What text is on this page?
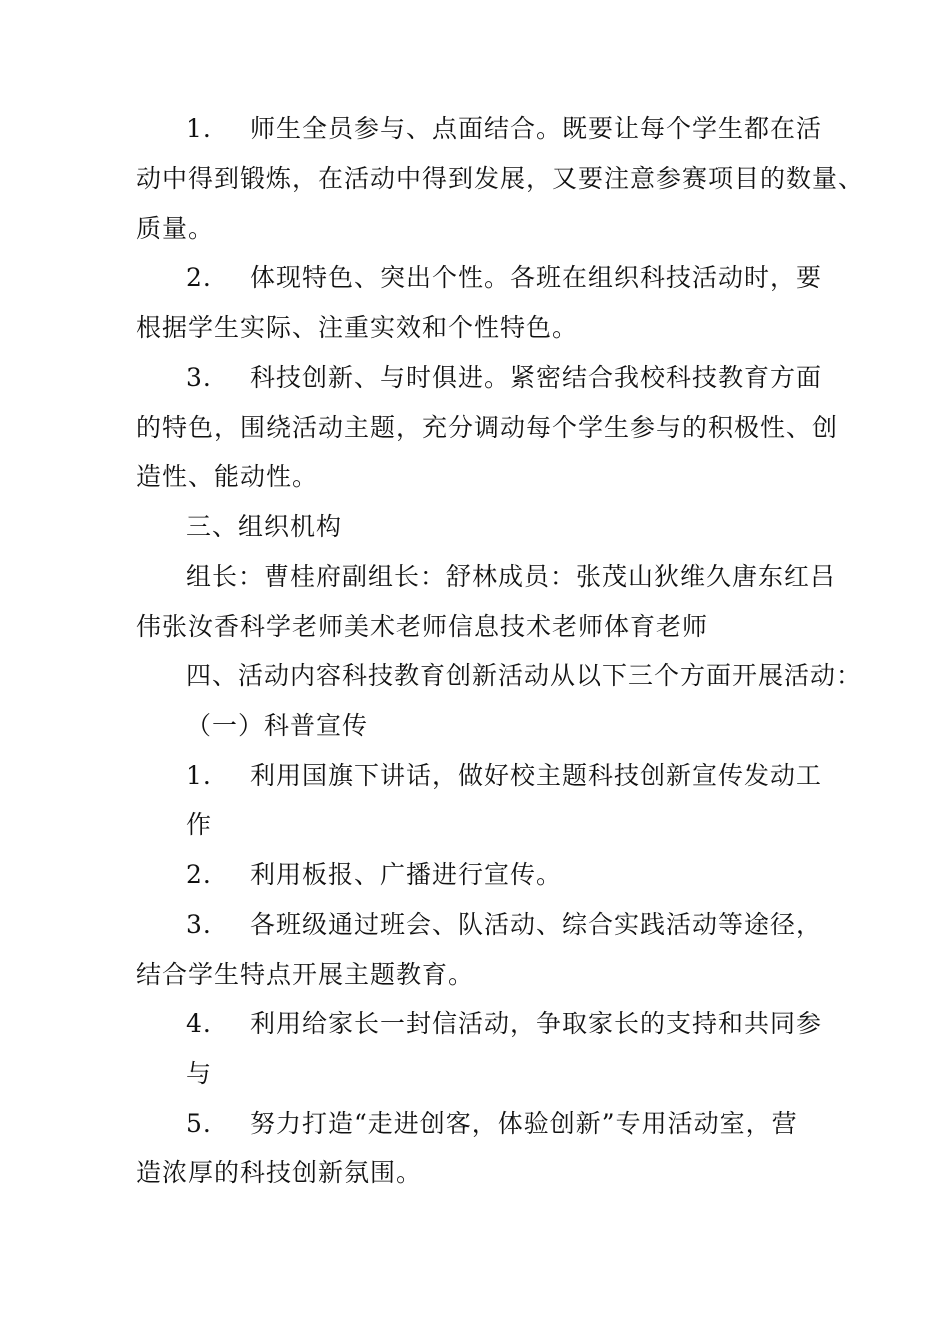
1. 师生全员参与、点面结合。既要让每个学生都在活
动中得到锻炼，在活动中得到发展，又要注意参赛项目的数量、
质量。
2. 体现特色、突出个性。各班在组织科技活动时，要
根据学生实际、注重实效和个性特色。
3. 科技创新、与时俱进。紧密结合我校科技教育方面
的特色，围绕活动主题，充分调动每个学生参与的积极性、创
造性、能动性。
三、组织机构
组长：曹桂府副组长：舒林成员：张茂山狄维久唐东红吕
伟张汝香科学老师美术老师信息技术老师体育老师
四、活动内容科技教育创新活动从以下三个方面开展活动：
（一）科普宣传
1. 利用国旗下讲话，做好校主题科技创新宣传发动工
作
2. 利用板报、广播进行宣传。
3. 各班级通过班会、队活动、综合实践活动等途径，
结合学生特点开展主题教育。
4. 利用给家长一封信活动，争取家长的支持和共同参
与
5. 努力打造“走进创客，体验创新”专用活动室，营
造浓厚的科技创新氛围。
